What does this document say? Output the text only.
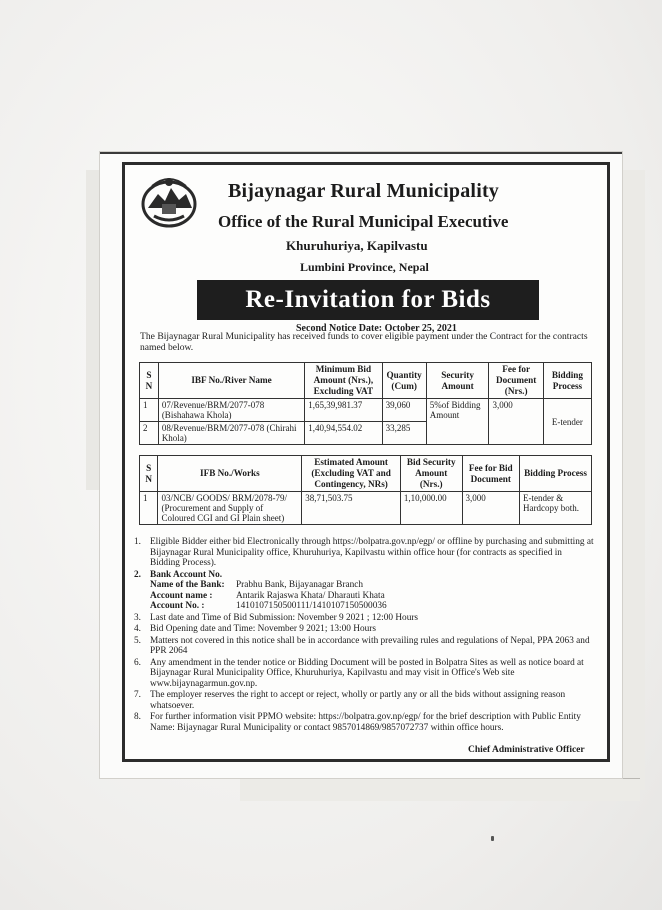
Bijaynagar Rural Municipality
Office of the Rural Municipal Executive
Khuruhuriya, Kapilvastu
Lumbini Province, Nepal
Re-Invitation for Bids
Second Notice Date: October 25, 2021
The Bijaynagar Rural Municipality has received funds to cover eligible payment under the Contract for the contracts named below.
S N	IBF No./River Name	Minimum Bid Amount (Nrs.), Excluding VAT	Quantity (Cum)	Security Amount	Fee for Document (Nrs.)	Bidding Process
1	07/Revenue/BRM/2077-078 (Bishahawa Khola)	1,65,39,981.37	39,060	5%of Bidding Amount	3,000	E-tender
2	08/Revenue/BRM/2077-078 (Chirahi Khola)	1,40,94,554.02	33,285			
S N	IFB No./Works	Estimated Amount (Excluding VAT and Contingency, NRs)	Bid Security Amount (Nrs.)	Fee for Bid Document	Bidding Process
1	03/NCB/ GOODS/ BRM/2078-79/ (Procurement and Supply of Coloured CGI and GI Plain sheet)	38,71,503.75	1,10,000.00	3,000	E-tender & Hardcopy both.
1. Eligible Bidder either bid Electronically through https://bolpatra.gov.np/egp/ or offline by purchasing and submitting at Bijaynagar Rural Municipality office, Khuruhuriya, Kapilvastu within office hour (for contracts as specified in Bidding Process).
2. Bank Account No.
Name of the Bank: Prabhu Bank, Bijayanagar Branch
Account name :	Antarik Rajaswa Khata/ Dharauti Khata
Account No. :	1410107150500111/1410107150500036
3. Last date and Time of Bid Submission: November 9 2021 ; 12:00 Hours
4. Bid Opening date and Time: November 9 2021; 13:00 Hours
5. Matters not covered in this notice shall be in accordance with prevailing rules and regulations of Nepal, PPA 2063 and PPR 2064
6. Any amendment in the tender notice or Bidding Document will be posted in Bolpatra Sites as well as notice board at Bijaynagar Rural Municipality Office, Khuruhuriya, Kapilvastu and may visit in Office's Web site www.bijaynagarmun.gov.np.
7. The employer reserves the right to accept or reject, wholly or partly any or all the bids without assigning reason whatsoever.
8. For further information visit PPMO website: https://bolpatra.gov.np/egp/ for the brief description with Public Entity Name: Bijaynagar Rural Municipality or contact 9857014869/9857072737 within office hours.
Chief Administrative Officer
